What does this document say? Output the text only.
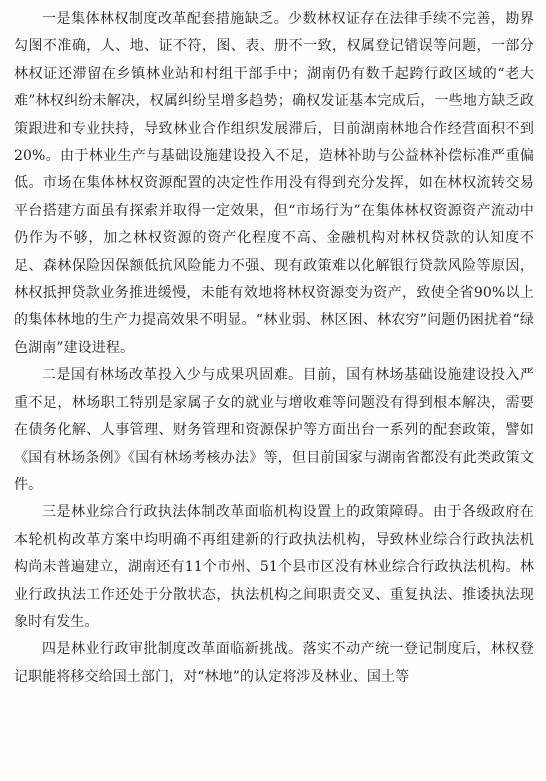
一是集体林权制度改革配套措施缺乏。少数林权证存在法律手续不完善，勘界勾图不准确，人、地、证不符，图、表、册不一致，权属登记错误等问题，一部分林权证还滞留在乡镇林业站和村组干部手中；湖南仍有数千起跨行政区域的“老大难”林权纠纷未解决，权属纠纷呈增多趋势；确权发证基本完成后，一些地方缺乏政策跟进和专业扶持，导致林业合作组织发展滞后，目前湖南林地合作经营面积不到20%。由于林业生产与基础设施建设投入不足，造林补助与公益林补偿标准严重偏低。市场在集体林权资源配置的决定性作用没有得到充分发挥，如在林权流转交易平台搭建方面虽有探索并取得一定效果，但“市场行为”在集体林权资源资产流动中仍作为不够，加之林权资源的资产化程度不高、金融机构对林权贷款的认知度不足、森林保险因保额低抗风险能力不强、现有政策难以化解银行贷款风险等原因，林权抵押贷款业务推进缓慢，未能有效地将林权资源变为资产，致使全省90%以上的集体林地的生产力提高效果不明显。“林业弱、林区困、林农穷”问题仍困扰着“绿色湖南”建设进程。

二是国有林场改革投入少与成果巩固难。目前，国有林场基础设施建设投入严重不足，林场职工特别是家属子女的就业与增收难等问题没有得到根本解决，需要在债务化解、人事管理、财务管理和资源保护等方面出台一系列的配套政策，譬如《国有林场条例》《国有林场考核办法》等，但目前国家与湖南省都没有此类政策文件。

三是林业综合行政执法体制改革面临机构设置上的政策障碍。由于各级政府在本轮机构改革方案中均明确不再组建新的行政执法机构，导致林业综合行政执法机构尚未普遍建立，湖南还有11个市州、51个县市区没有林业综合行政执法机构。林业行政执法工作还处于分散状态，执法机构之间职责交叉、重复执法、推诿执法现象时有发生。

四是林业行政审批制度改革面临新挑战。落实不动产统一登记制度后，林权登记职能将移交给国土部门，对“林地”的认定将涉及林业、国土等
